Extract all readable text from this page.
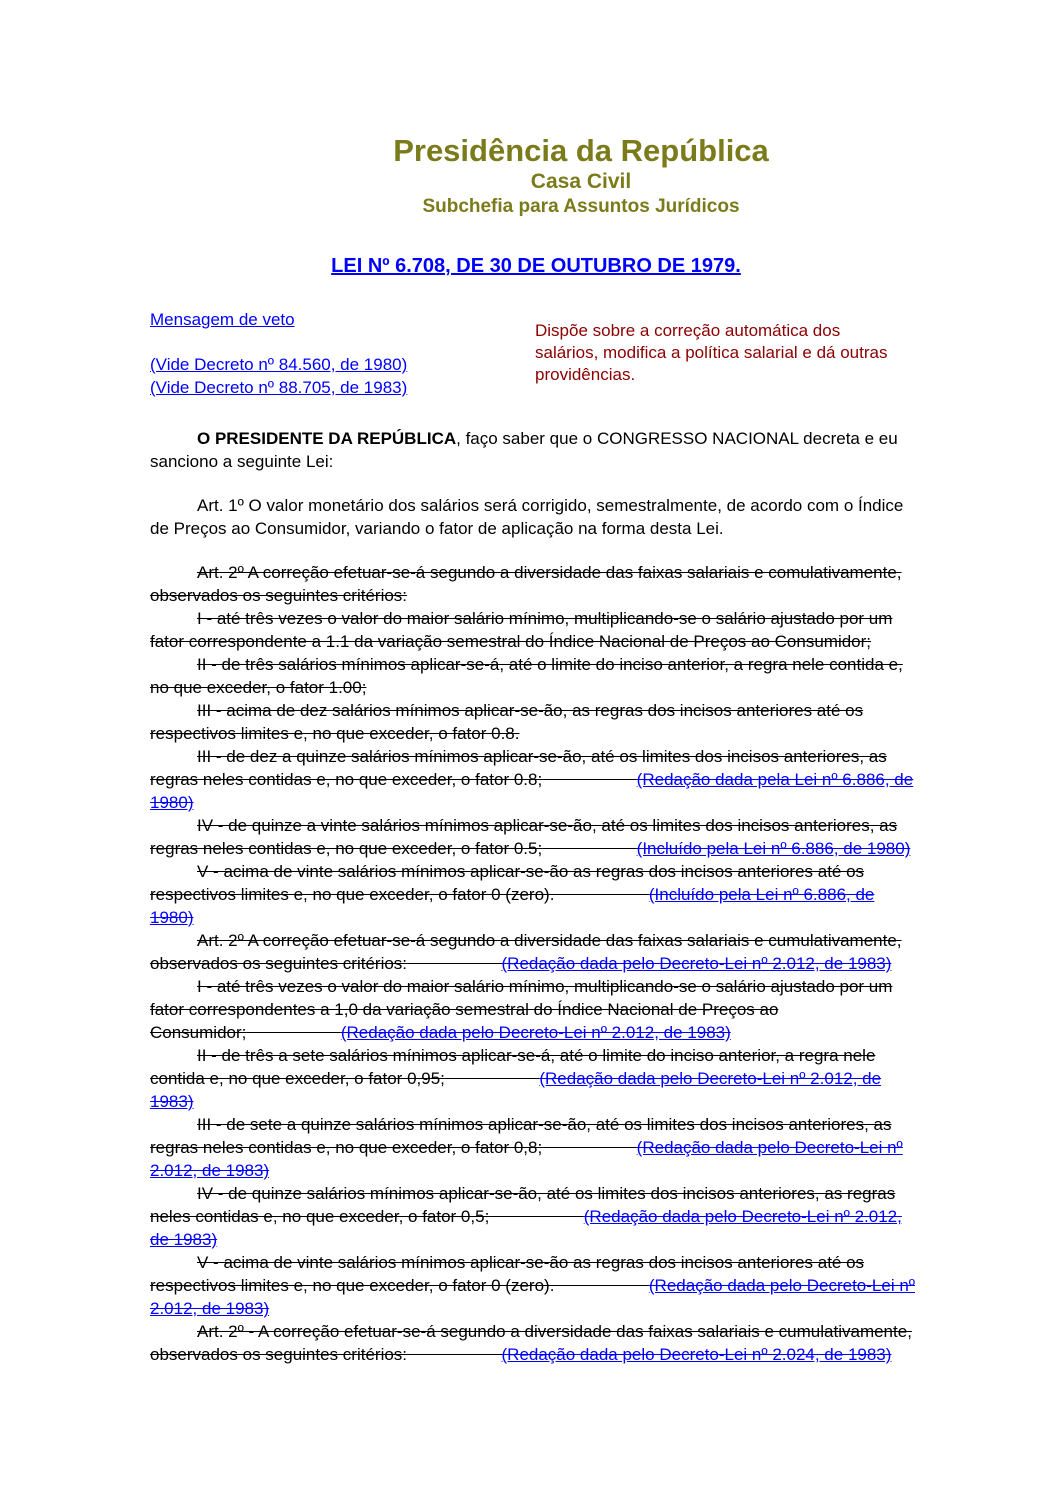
Presidência da República
Casa Civil
Subchefia para Assuntos Jurídicos
LEI Nº 6.708, DE 30 DE OUTUBRO DE 1979.
Mensagem de veto
(Vide Decreto nº 84.560, de 1980)
(Vide Decreto nº 88.705, de 1983)
Dispõe sobre a correção automática dos salários, modifica a política salarial e dá outras providências.

O PRESIDENTE DA REPÚBLICA, faço saber que o CONGRESSO NACIONAL decreta e eu sanciono a seguinte Lei:

Art. 1º O valor monetário dos salários será corrigido, semestralmente, de acordo com o Índice de Preços ao Consumidor, variando o fator de aplicação na forma desta Lei.

Art. 2º A correção efetuar-se-á segundo a diversidade das faixas salariais e comulativamente, observados os seguintes critérios:

I - até três vezes o valor do maior salário mínimo, multiplicando-se o salário ajustado por um fator correspondente a 1.1 da variação semestral do Índice Nacional de Preços ao Consumidor;

II - de três salários mínimos aplicar-se-á, até o limite do inciso anterior, a regra nele contida e, no que exceder, o fator 1.00;

III - acima de dez salários mínimos aplicar-se-ão, as regras dos incisos anteriores até os respectivos limites e, no que exceder, o fator 0.8.

III - de dez a quinze salários mínimos aplicar-se-ão, até os limites dos incisos anteriores, as regras neles contidas e, no que exceder, o fator 0.8;	(Redação dada pela Lei nº 6.886, de 1980)

IV - de quinze a vinte salários mínimos aplicar-se-ão, até os limites dos incisos anteriores, as regras neles contidas e, no que exceder, o fator 0.5;	(Incluído pela Lei nº 6.886, de 1980)

V - acima de vinte salários mínimos aplicar-se-ão as regras dos incisos anteriores até os respectivos limites e, no que exceder, o fator 0 (zero).	(Incluído pela Lei nº 6.886, de 1980)

Art. 2º A correção efetuar-se-á segundo a diversidade das faixas salariais e cumulativamente, observados os seguintes critérios:	(Redação dada pelo Decreto-Lei nº 2.012, de 1983)

I - até três vezes o valor do maior salário mínimo, multiplicando-se o salário ajustado por um fator correspondentes a 1,0 da variação semestral do Índice Nacional de Preços ao Consumidor;	(Redação dada pelo Decreto-Lei nº 2.012, de 1983)

II - de três a sete salários mínimos aplicar-se-á, até o limite do inciso anterior, a regra nele contida e, no que exceder, o fator 0,95;	(Redação dada pelo Decreto-Lei nº 2.012, de 1983)

III - de sete a quinze salários mínimos aplicar-se-ão, até os limites dos incisos anteriores, as regras neles contidas e, no que exceder, o fator 0,8;	(Redação dada pelo Decreto-Lei nº 2.012, de 1983)

IV - de quinze salários mínimos aplicar-se-ão, até os limites dos incisos anteriores, as regras neles contidas e, no que exceder, o fator 0,5;	(Redação dada pelo Decreto-Lei nº 2.012, de 1983)

V - acima de vinte salários mínimos aplicar-se-ão as regras dos incisos anteriores até os respectivos limites e, no que exceder, o fator 0 (zero).	(Redação dada pelo Decreto-Lei nº 2.012, de 1983)

Art. 2º - A correção efetuar-se-á segundo a diversidade das faixas salariais e cumulativamente, observados os seguintes critérios:	(Redação dada pelo Decreto-Lei nº 2.024, de 1983)
